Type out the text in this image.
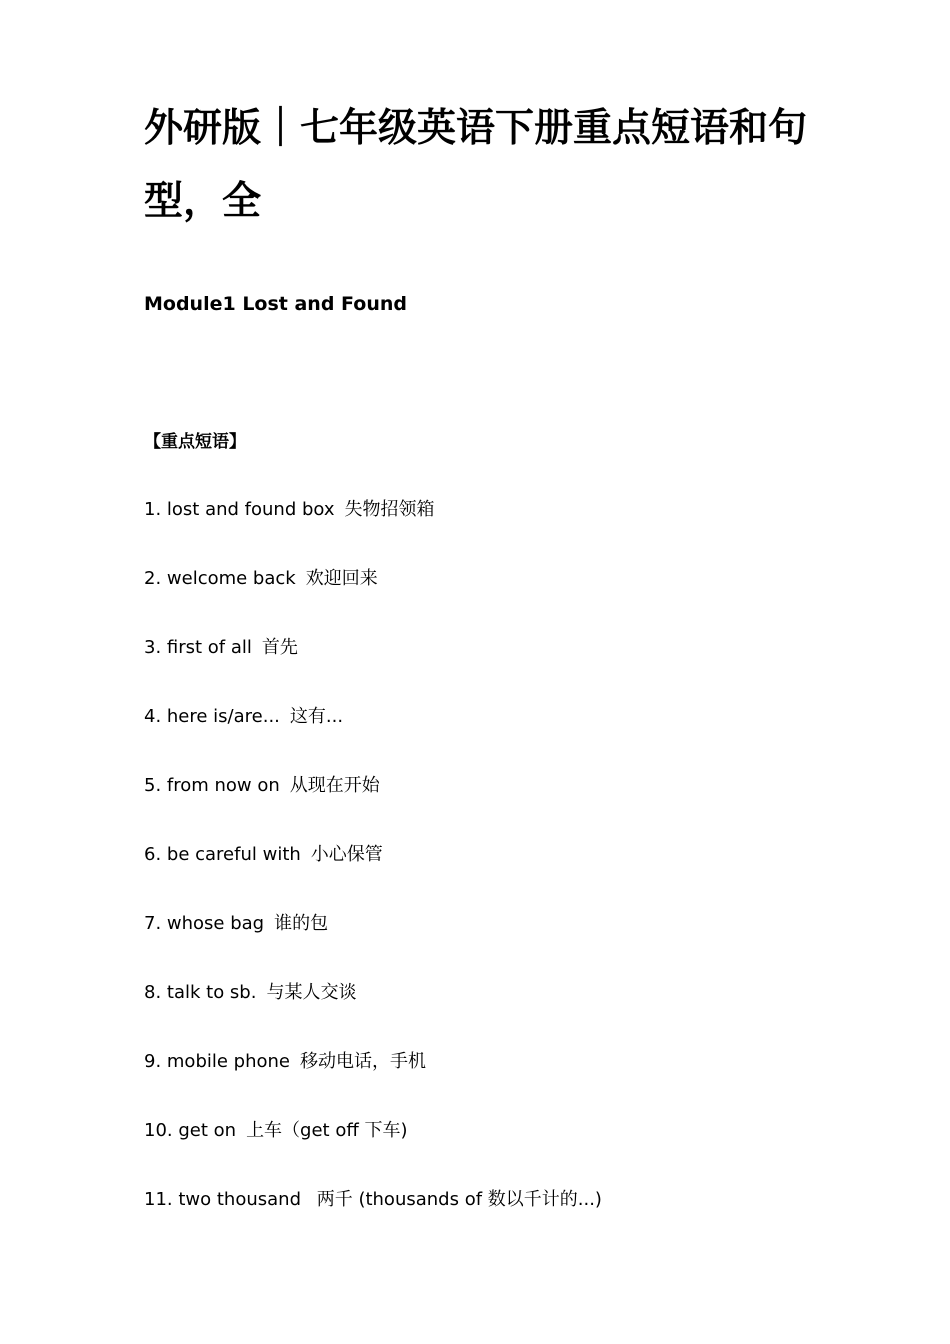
外研版｜七年级英语下册重点短语和句型，全

Module1 Lost and Found

【重点短语】

1. lost and found box 失物招领箱
2. welcome back 欢迎回来
3. first of all 首先
4. here is/are... 这有...
5. from now on 从现在开始
6. be careful with 小心保管
7. whose bag 谁的包
8. talk to sb. 与某人交谈
9. mobile phone 移动电话，手机
10. get on 上车（get off 下车)
11. two thousand 两千 (thousands of 数以千计的...)
